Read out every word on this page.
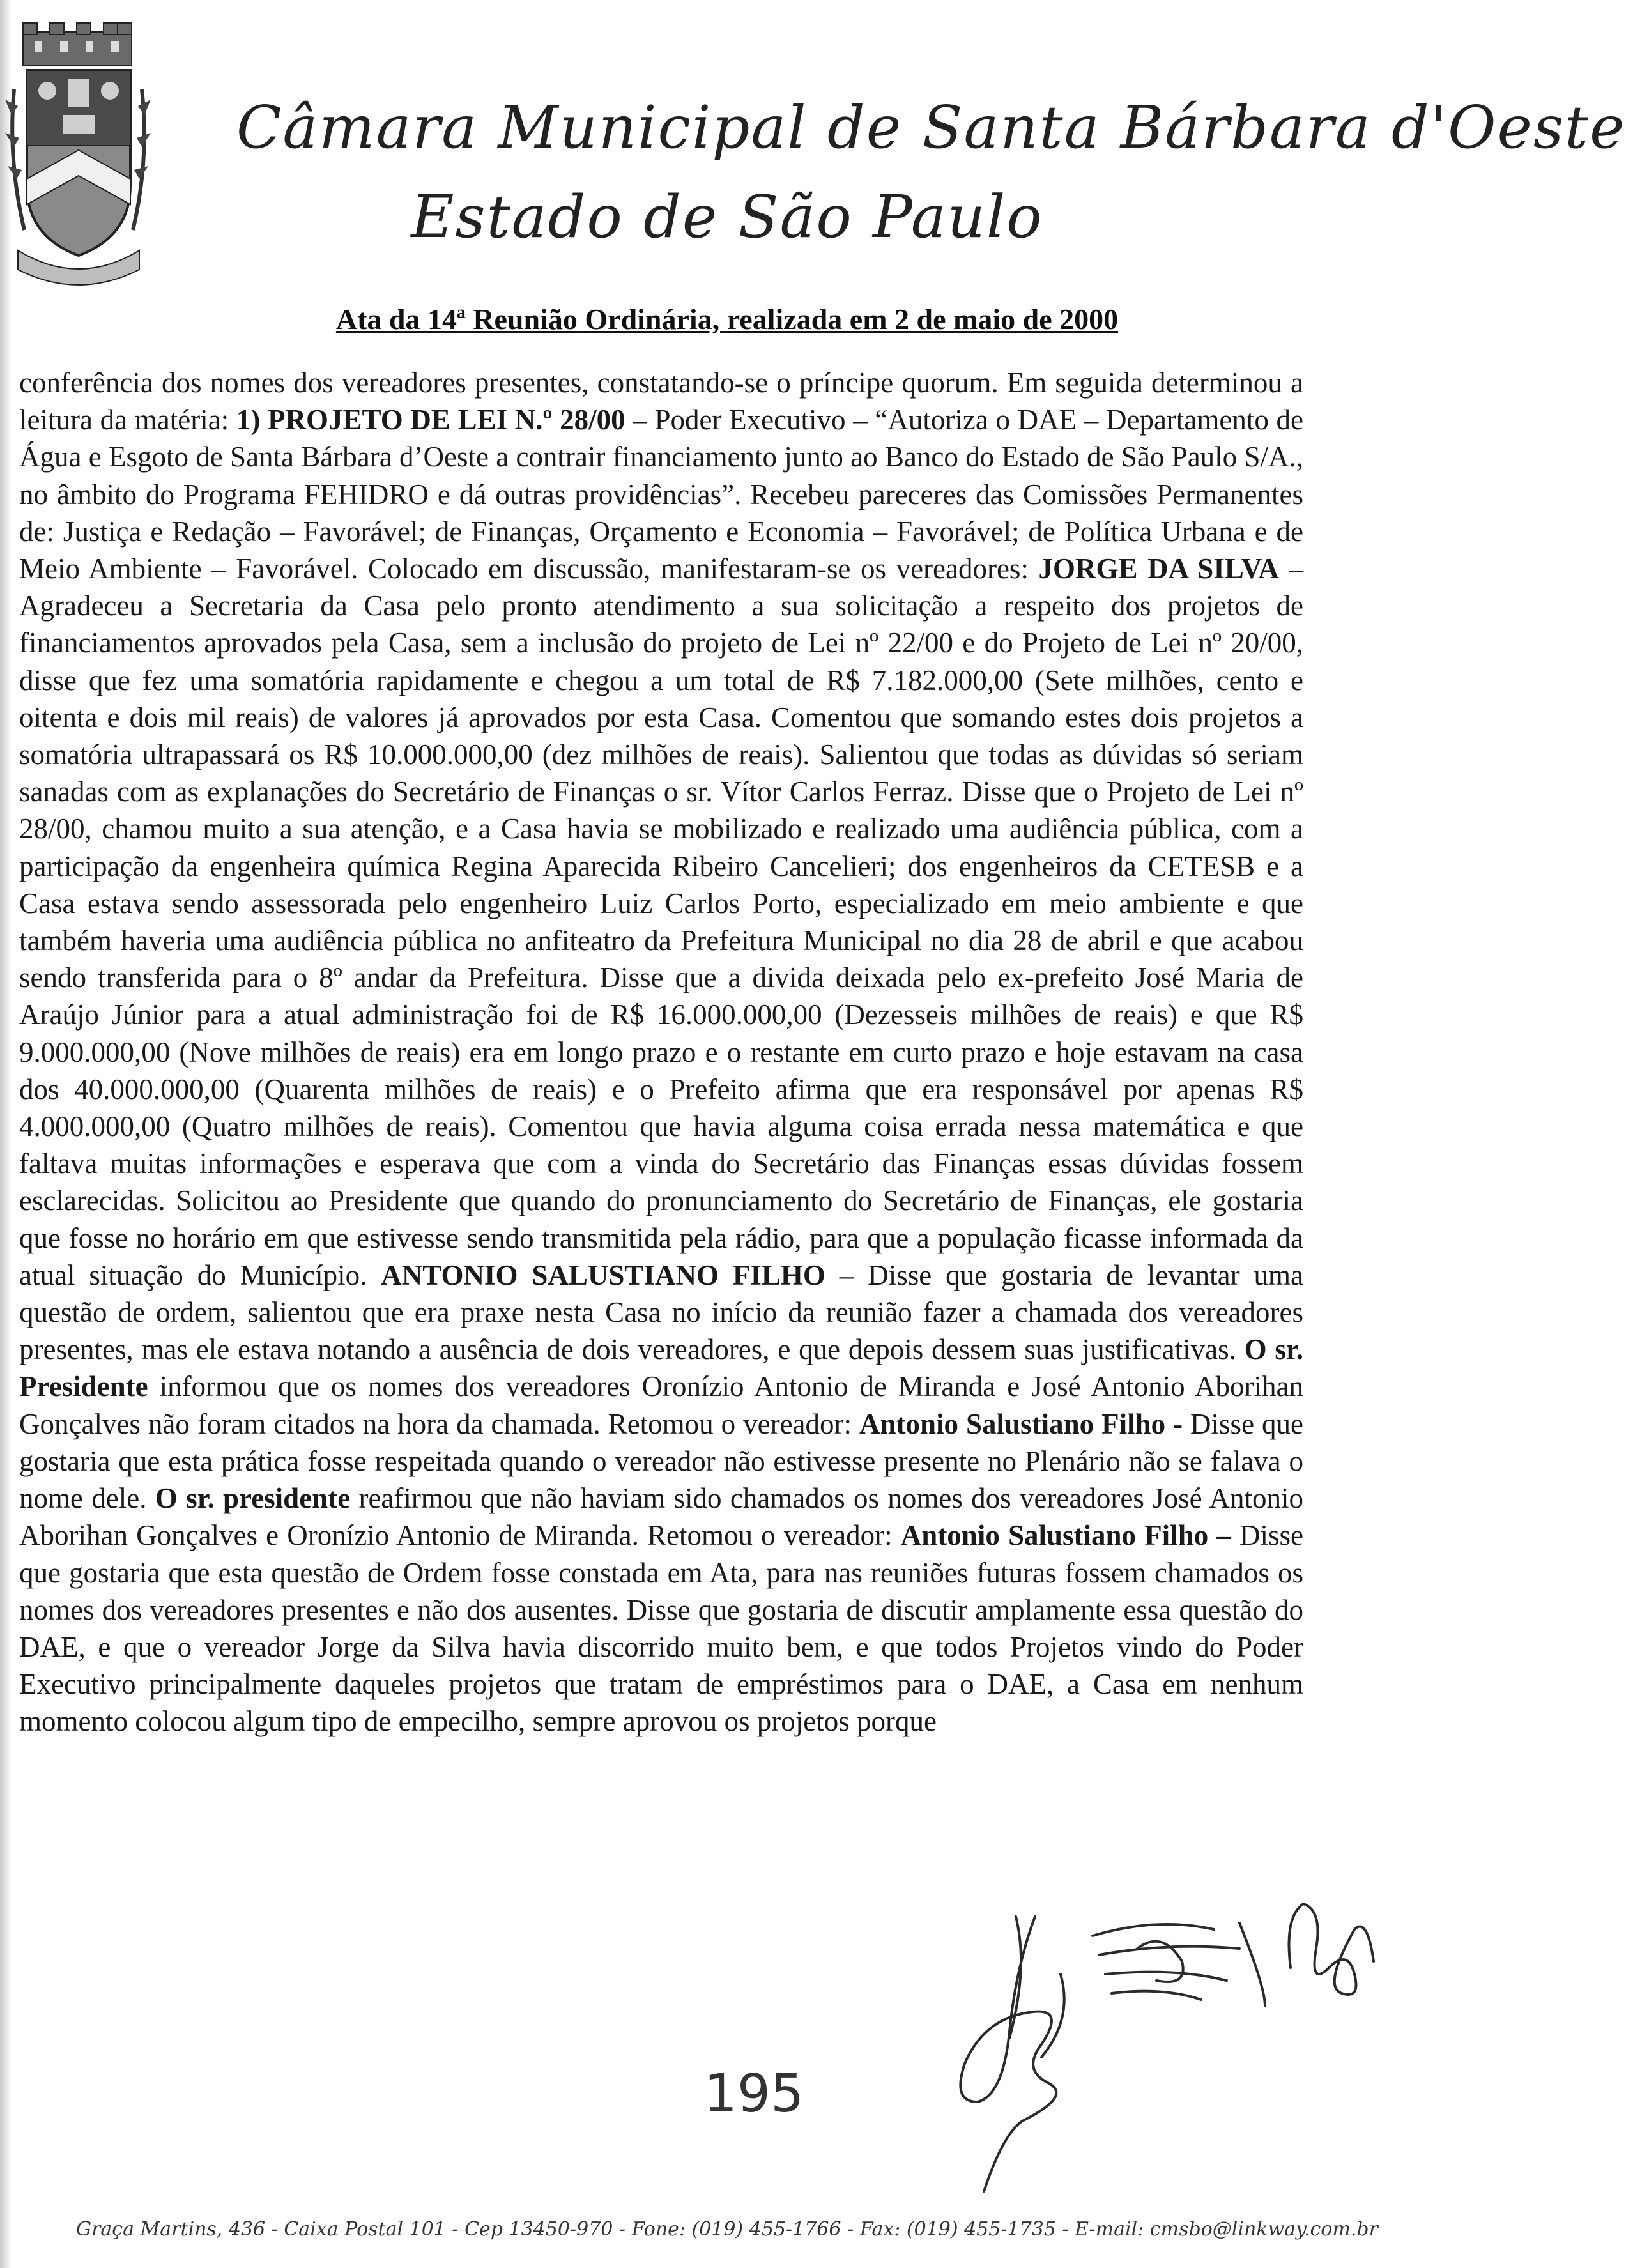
Câmara Municipal de Santa Bárbara d'Oeste
Estado de São Paulo
Ata da 14ª Reunião Ordinária, realizada em 2 de maio de 2000

conferência dos nomes dos vereadores presentes, constatando-se o príncipe quorum. Em seguida determinou a leitura da matéria: 1) PROJETO DE LEI N.º 28/00 – Poder Executivo – “Autoriza o DAE – Departamento de Água e Esgoto de Santa Bárbara d’Oeste a contrair financiamento junto ao Banco do Estado de São Paulo S/A., no âmbito do Programa FEHIDRO e dá outras providências”. Recebeu pareceres das Comissões Permanentes de: Justiça e Redação – Favorável; de Finanças, Orçamento e Economia – Favorável; de Política Urbana e de Meio Ambiente – Favorável. Colocado em discussão, manifestaram-se os vereadores: JORGE DA SILVA – Agradeceu a Secretaria da Casa pelo pronto atendimento a sua solicitação a respeito dos projetos de financiamentos aprovados pela Casa, sem a inclusão do projeto de Lei nº 22/00 e do Projeto de Lei nº 20/00, disse que fez uma somatória rapidamente e chegou a um total de R$ 7.182.000,00 (Sete milhões, cento e oitenta e dois mil reais) de valores já aprovados por esta Casa. Comentou que somando estes dois projetos a somatória ultrapassará os R$ 10.000.000,00 (dez milhões de reais). Salientou que todas as dúvidas só seriam sanadas com as explanações do Secretário de Finanças o sr. Vítor Carlos Ferraz. Disse que o Projeto de Lei nº 28/00, chamou muito a sua atenção, e a Casa havia se mobilizado e realizado uma audiência pública, com a participação da engenheira química Regina Aparecida Ribeiro Cancelieri; dos engenheiros da CETESB e a Casa estava sendo assessorada pelo engenheiro Luiz Carlos Porto, especializado em meio ambiente e que também haveria uma audiência pública no anfiteatro da Prefeitura Municipal no dia 28 de abril e que acabou sendo transferida para o 8º andar da Prefeitura. Disse que a divida deixada pelo ex-prefeito José Maria de Araújo Júnior para a atual administração foi de R$ 16.000.000,00 (Dezesseis milhões de reais) e que R$ 9.000.000,00 (Nove milhões de reais) era em longo prazo e o restante em curto prazo e hoje estavam na casa dos 40.000.000,00 (Quarenta milhões de reais) e o Prefeito afirma que era responsável por apenas R$ 4.000.000,00 (Quatro milhões de reais). Comentou que havia alguma coisa errada nessa matemática e que faltava muitas informações e esperava que com a vinda do Secretário das Finanças essas dúvidas fossem esclarecidas. Solicitou ao Presidente que quando do pronunciamento do Secretário de Finanças, ele gostaria que fosse no horário em que estivesse sendo transmitida pela rádio, para que a população ficasse informada da atual situação do Município. ANTONIO SALUSTIANO FILHO – Disse que gostaria de levantar uma questão de ordem, salientou que era praxe nesta Casa no início da reunião fazer a chamada dos vereadores presentes, mas ele estava notando a ausência de dois vereadores, e que depois dessem suas justificativas. O sr. Presidente informou que os nomes dos vereadores Oronízio Antonio de Miranda e José Antonio Aborihan Gonçalves não foram citados na hora da chamada. Retomou o vereador: Antonio Salustiano Filho - Disse que gostaria que esta prática fosse respeitada quando o vereador não estivesse presente no Plenário não se falava o nome dele. O sr. presidente reafirmou que não haviam sido chamados os nomes dos vereadores José Antonio Aborihan Gonçalves e Oronízio Antonio de Miranda. Retomou o vereador: Antonio Salustiano Filho – Disse que gostaria que esta questão de Ordem fosse constada em Ata, para nas reuniões futuras fossem chamados os nomes dos vereadores presentes e não dos ausentes. Disse que gostaria de discutir amplamente essa questão do DAE, e que o vereador Jorge da Silva havia discorrido muito bem, e que todos Projetos vindo do Poder Executivo principalmente daqueles projetos que tratam de empréstimos para o DAE, a Casa em nenhum momento colocou algum tipo de empecilho, sempre aprovou os projetos porque

195
Graça Martins, 436 - Caixa Postal 101 - Cep 13450-970 - Fone: (019) 455-1766 - Fax: (019) 455-1735 - E-mail: cmsbo@linkway.com.br
